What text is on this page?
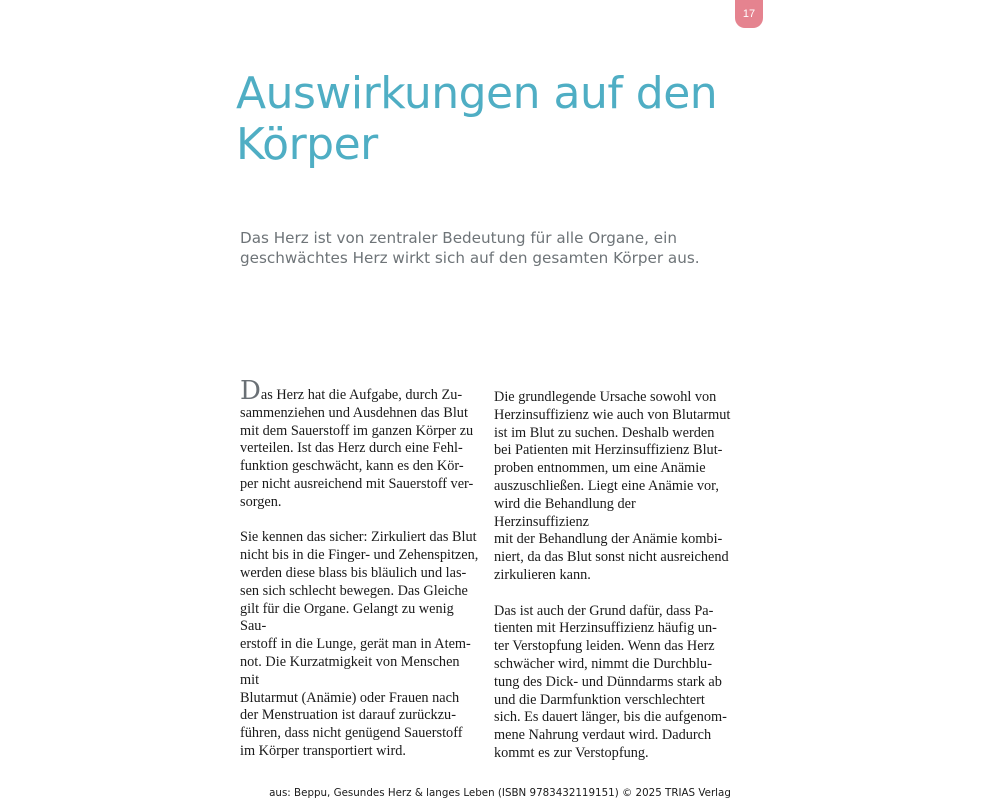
17
Auswirkungen auf den Körper

Das Herz ist von zentraler Bedeutung für alle Organe, ein geschwächtes Herz wirkt sich auf den gesamten Körper aus.

Das Herz hat die Aufgabe, durch Zu-
sammenziehen und Ausdehnen das Blut
mit dem Sauerstoff im ganzen Körper zu
verteilen. Ist das Herz durch eine Fehl-
funktion geschwächt, kann es den Kör-
per nicht ausreichend mit Sauerstoff ver-
sorgen.

Sie kennen das sicher: Zirkuliert das Blut
nicht bis in die Finger- und Zehenspitzen,
werden diese blass bis bläulich und las-
sen sich schlecht bewegen. Das Gleiche
gilt für die Organe. Gelangt zu wenig Sau-
erstoff in die Lunge, gerät man in Atem-
not. Die Kurzatmigkeit von Menschen mit
Blutarmut (Anämie) oder Frauen nach
der Menstruation ist darauf zurückzu-
führen, dass nicht genügend Sauerstoff
im Körper transportiert wird.

Die grundlegende Ursache sowohl von
Herzinsuffizienz wie auch von Blutarmut
ist im Blut zu suchen. Deshalb werden
bei Patienten mit Herzinsuffizienz Blut-
proben entnommen, um eine Anämie
auszuschließen. Liegt eine Anämie vor,
wird die Behandlung der Herzinsuffizienz
mit der Behandlung der Anämie kombi-
niert, da das Blut sonst nicht ausreichend
zirkulieren kann.

Das ist auch der Grund dafür, dass Pa-
tienten mit Herzinsuffizienz häufig un-
ter Verstopfung leiden. Wenn das Herz
schwächer wird, nimmt die Durchblu-
tung des Dick- und Dünndarms stark ab
und die Darmfunktion verschlechtert
sich. Es dauert länger, bis die aufgenom-
mene Nahrung verdaut wird. Dadurch
kommt es zur Verstopfung.

aus: Beppu, Gesundes Herz & langes Leben (ISBN 9783432119151) © 2025 TRIAS Verlag
